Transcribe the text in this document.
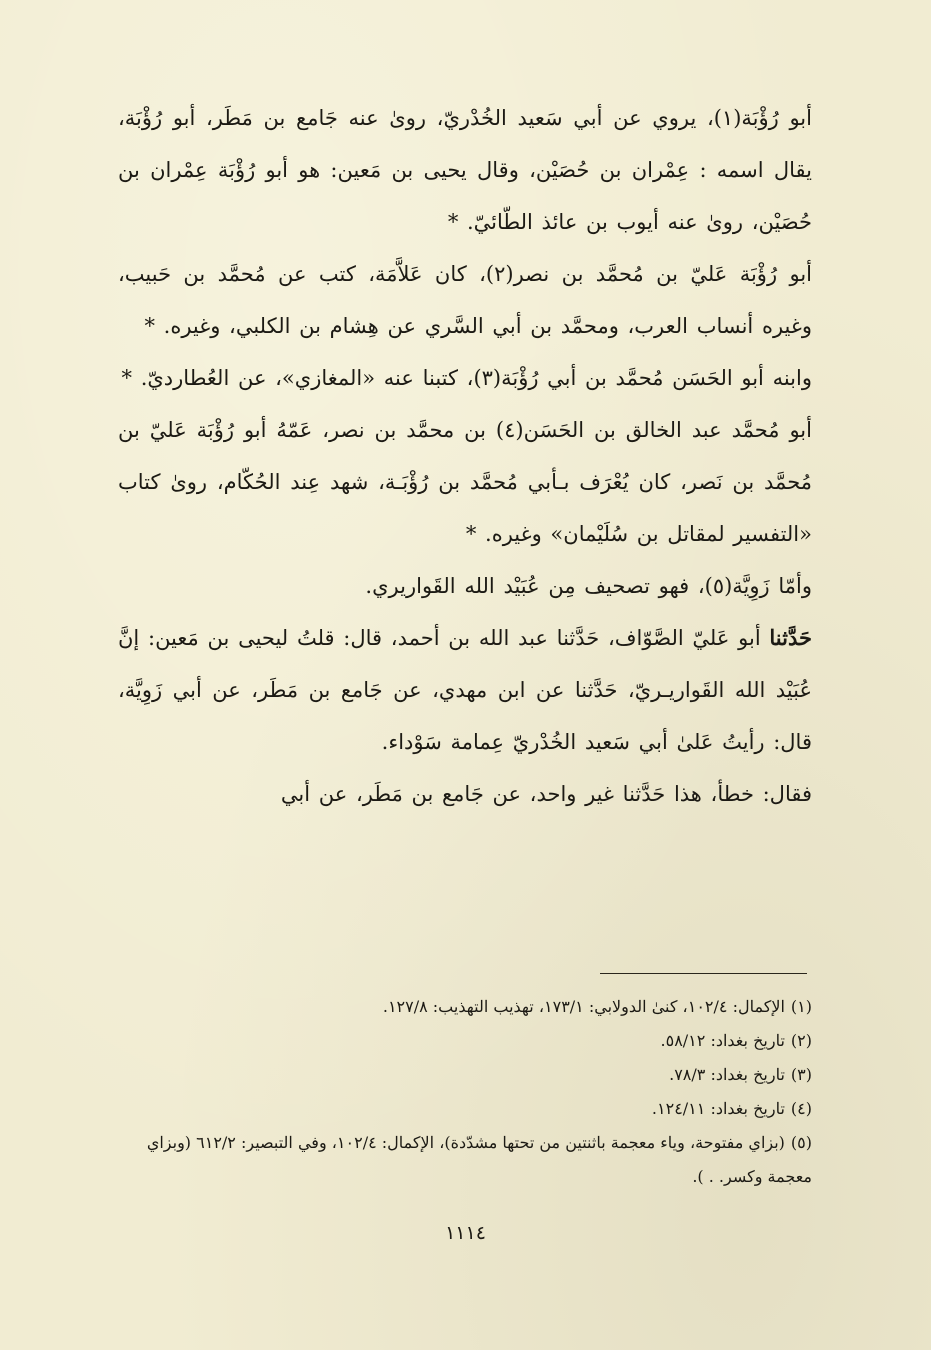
أبو رُؤْبَة(١)، يروي عن أبي سَعيد الخُدْريّ، روىٰ عنه جَامع بن مَطَر، أبو رُؤْبَة، يقال اسمه : عِمْران بن حُصَيْن، وقال يحيى بن مَعين: هو أبو رُؤْبَة عِمْران بن حُصَيْن، روىٰ عنه أيوب بن عائذ الطّائيّ. *

أبو رُؤْبَة عَليّ بن مُحمَّد بن نصر(٢)، كان عَلاَّمَة، كتب عن مُحمَّد بن حَبيب، وغيره أنساب العرب، ومحمَّد بن أبي السَّري عن هِشام بن الكلبي، وغيره. *

وابنه أبو الحَسَن مُحمَّد بن أبي رُؤْبَة(٣)، كتبنا عنه «المغازي»، عن العُطارديّ. *

أبو مُحمَّد عبد الخالق بن الحَسَن(٤) بن محمَّد بن نصر، عَمّهُ أبو رُؤْبَة عَليّ بن مُحمَّد بن نَصر، كان يُعْرَف بـأبي مُحمَّد بن رُؤْبَـة، شهد عِند الحُكّام، روىٰ كتاب «التفسير لمقاتل بن سُلَيْمان» وغيره. *

وأمّا زَوِيَّة(٥)، فهو تصحيف مِن عُبَيْد الله القَواريري.

حَدَّثنا أبو عَليّ الصَّوّاف، حَدَّثنا عبد الله بن أحمد، قال: قلتُ ليحيى بن مَعين: إنَّ عُبَيْد الله القَواريـريّ، حَدَّثنا عن ابن مهدي، عن جَامع بن مَطَر، عن أبي زَوِيَّة، قال: رأيتُ عَلىٰ أبي سَعيد الخُدْريّ عِمامة سَوْداء.

فقال: خطأ، هذا حَدَّثنا غير واحد، عن جَامع بن مَطَر، عن أبي

(١)الإكمال: ١٠٢/٤، كنىٰ الدولابي: ١٧٣/١، تهذيب التهذيب: ١٢٧/٨.

(٢)تاريخ بغداد: ٥٨/١٢.

(٣)تاريخ بغداد: ٧٨/٣.

(٤)تاريخ بغداد: ١٢٤/١١.

(٥)(بزاي مفتوحة، وياء معجمة باثنتين من تحتها مشدّدة)، الإكمال: ١٠٢/٤، وفي التبصير: ٦١٢/٢ (وبزاي معجمة وكسر. . ).

١١١٤
